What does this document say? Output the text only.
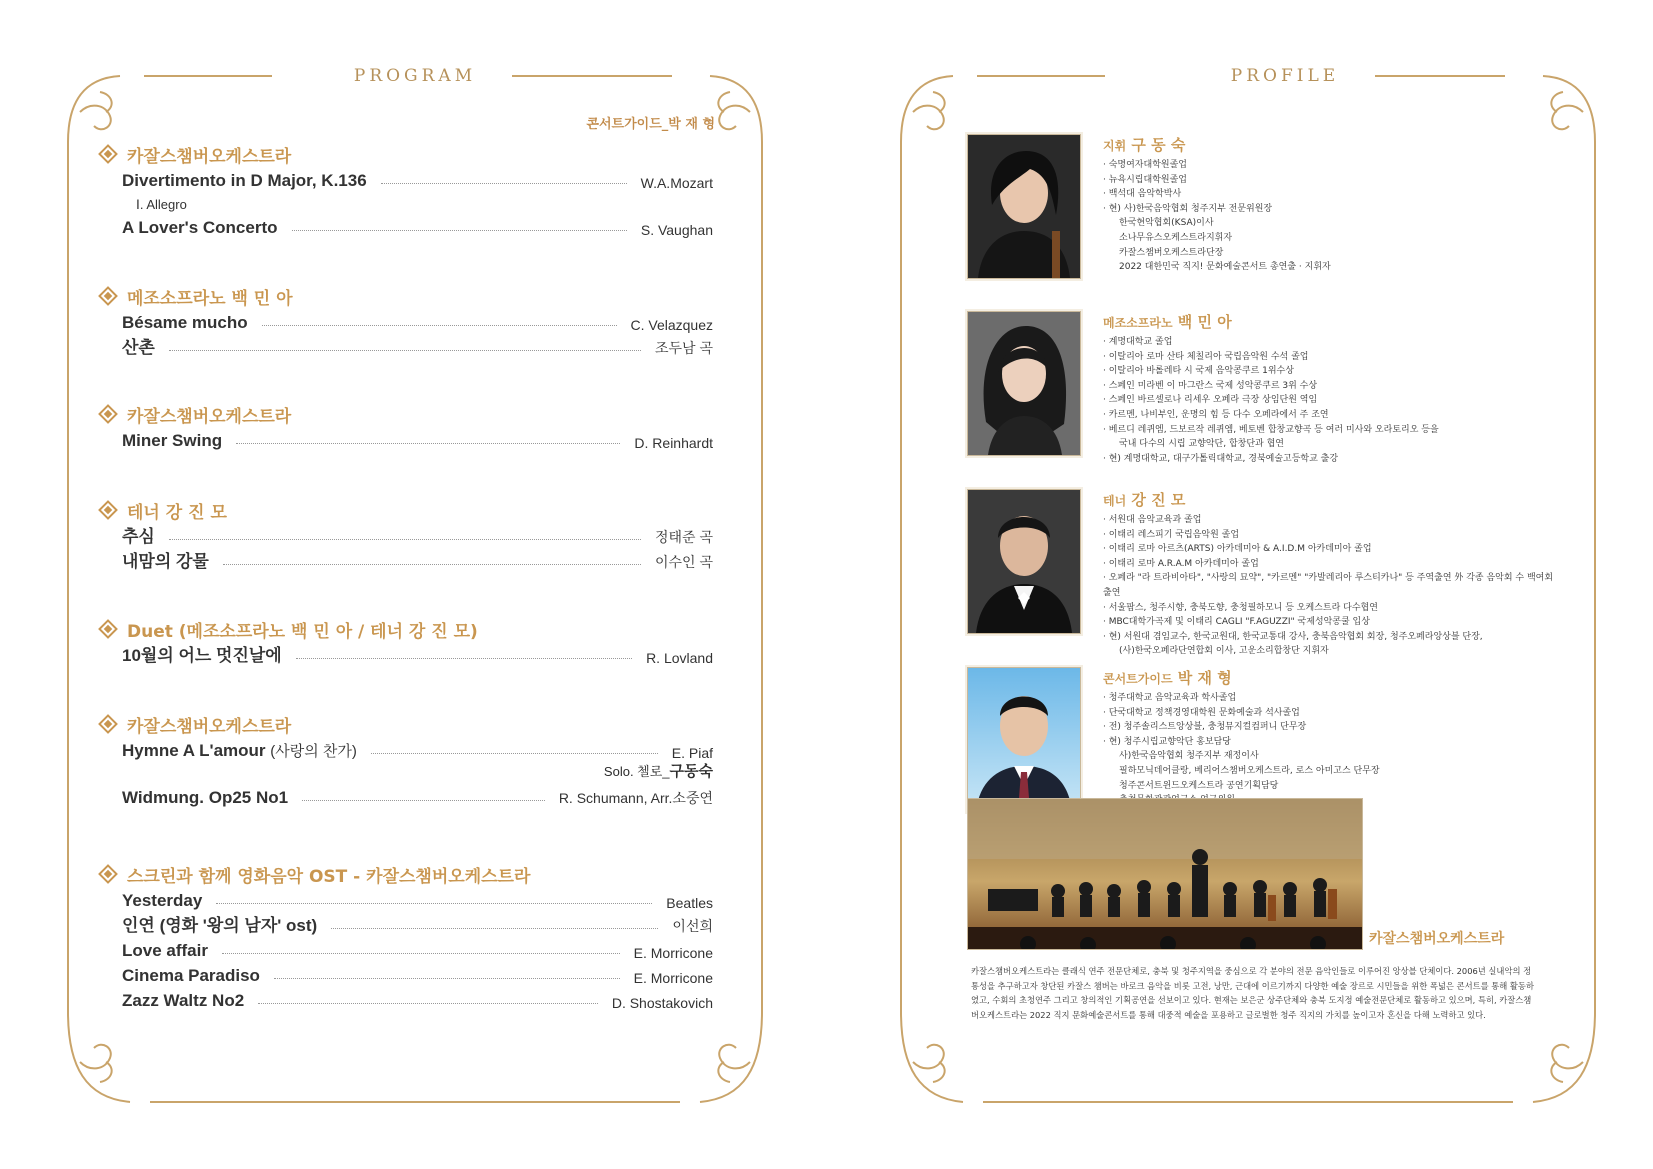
PROGRAM
콘서트가이드_박 재 형
카잘스챔버오케스트라
Divertimento in D Major, K.136	W.A.Mozart
Ⅰ. Allegro
A Lover's Concerto	S. Vaughan
메조소프라노 백 민 아
Bésame mucho	C. Velazquez
산촌	조두남 곡
카잘스챔버오케스트라
Miner Swing	D. Reinhardt
테너 강 진 모
추심	정태준 곡
내맘의 강물	이수인 곡
Duet (메조소프라노 백 민 아 / 테너 강 진 모)
10월의 어느 멋진날에	R. Lovland
카잘스챔버오케스트라
Hymne A L'amour (사랑의 찬가)	E. Piaf
Solo. 첼로_구동숙
Widmung. Op25 No1	R. Schumann, Arr.소중연
스크린과 함께 영화음악 OST - 카잘스챔버오케스트라
Yesterday	Beatles
인연 (영화 '왕의 남자' ost)	이선희
Love affair	E. Morricone
Cinema Paradiso	E. Morricone
Zazz Waltz No2	D. Shostakovich
PROFILE
지휘 구 동 숙
· 숙명여자대학원졸업
· 뉴욕시립대학원졸업
· 백석대 음악학박사
· 현) 사)한국음악협회 청주지부 전문위원장
한국현악협회(KSA)이사
소나무유스오케스트라지휘자
카잘스챔버오케스트라단장
2022 대한민국 직지! 문화예술콘서트 총연출 · 지휘자
메조소프라노 백 민 아
· 계명대학교 졸업
· 이탈리아 로마 산타 체칠리아 국립음악원 수석 졸업
· 이탈리아 바롤레타 시 국제 음악콩쿠르 1위수상
· 스페인 미라벤 이 마그란스 국제 성악콩쿠르 3위 수상
· 스페인 바르셀로나 리세우 오페라 극장 상임단원 역임
· 카르멘, 나비부인, 운명의 힘 등 다수 오페라에서 주 조연
· 베르디 레퀴엠, 드보르작 레퀴엠, 베토벤 합창교향곡 등 여러 미사와 오라토리오 등을
국내 다수의 시립 교향악단, 합창단과 협연
· 현) 계명대학교, 대구가톨릭대학교, 경북예술고등학교 출강
테너 강 진 모
· 서원대 음악교육과 졸업
· 이태리 레스피기 국립음악원 졸업
· 이태리 로마 아르츠(ARTS) 아카데미아 & A.I.D.M 아카데미아 졸업
· 이태리 로마 A.R.A.M 아카데미아 졸업
· 오페라 "라 트라비아타", "사랑의 묘약", "카르멘" "카발레리아 루스티카나" 등 주역출연 外 각종 음악회 수 백여회 출연
· 서울팝스, 청주시향, 충북도향, 충청필하모니 등 오케스트라 다수협연
· MBC대학가곡제 및 이태리 CAGLI "F.AGUZZI" 국제성악콩쿨 입상
· 현) 서원대 겸임교수, 한국교원대, 한국교통대 강사, 충북음악협회 회장, 청주오페라앙상블 단장,
(사)한국오페라단연합회 이사, 고운소리합창단 지휘자
콘서트가이드 박 재 형
· 청주대학교 음악교육과 학사졸업
· 단국대학교 정책경영대학원 문화예술과 석사졸업
· 전) 청주솔리스트앙상블, 충청뮤지컬컴퍼니 단무장
· 현) 청주시립교향악단 홍보담당
사)한국음악협회 청주지부 재정이사
필하모닉데어클랑, 베리어스챔버오케스트라, 로스 아미고스 단무장
청주콘서트윈드오케스트라 공연기획담당
카잘스챔버오케스트라
카잘스챔버오케스트라는 클래식 연주 전문단체로, 충북 및 청주지역을 중심으로 각 분야의 전문 음악인들로 이루어진 앙상블 단체이다. 2006년 실내악의 정통성을 추구하고자 창단된 카잘스 챔버는 바로크 음악을 비롯 고전, 낭만, 근대에 이르기까지 다양한 예술 장르로 시민들을 위한 폭넓은 콘서트를 통해 활동하였고, 수회의 초청연주 그리고 창의적인 기획공연을 선보이고 있다. 현재는 보은군 상주단체와 충북 도지정 예술전문단체로 활동하고 있으며, 특히, 카잘스챔버오케스트라는 2022 직지 문화예술콘서트를 통해 대중적 예술을 포용하고 글로벌한 청주 직지의 가치를 높이고자 혼신을 다해 노력하고 있다.
